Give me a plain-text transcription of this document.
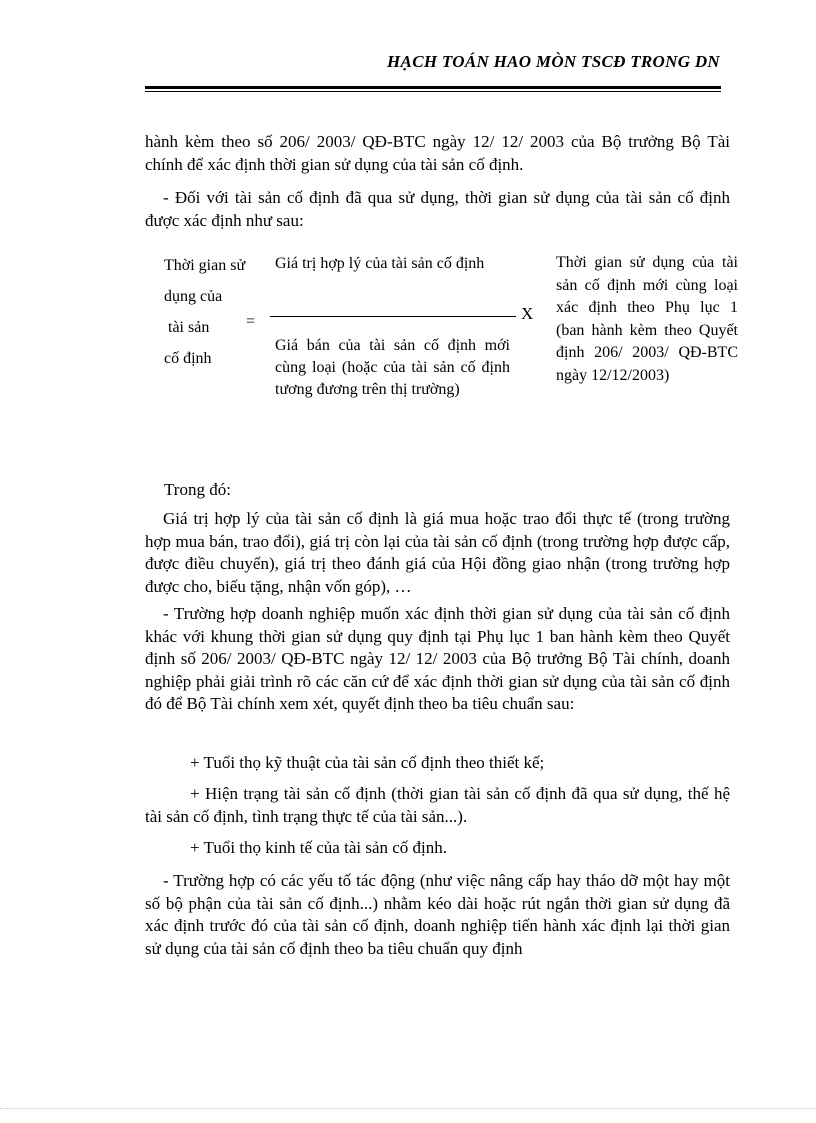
HẠCH TOÁN HAO MÒN TSCĐ TRONG DN

hành kèm theo số 206/ 2003/ QĐ-BTC ngày 12/ 12/ 2003 của Bộ trưởng Bộ Tài chính để xác định thời gian sử dụng của tài sản cố định.

- Đối với tài sản cố định đã qua sử dụng, thời gian sử dụng của tài sản cố định được xác định như sau:

Thời gian sử
dụng của
tài sản
cố định
=
Giá trị hợp lý của tài sản cố định
X
Giá bán của tài sản cố định mới cùng loại (hoặc của tài sản cố định tương đương trên thị trường)
Thời gian sử dụng của tài sản cố định mới cùng loại xác định theo Phụ lục 1 (ban hành kèm theo Quyết định 206/ 2003/ QĐ-BTC ngày 12/12/2003)

Trong đó:

Giá trị hợp lý của tài sản cố định là giá mua hoặc trao đổi thực tế (trong trường hợp mua bán, trao đổi), giá trị còn lại của tài sản cố định (trong trường hợp được cấp, được điều chuyển), giá trị theo đánh giá của Hội đồng giao nhận (trong trường hợp được cho, biếu tặng, nhận vốn góp), …

- Trường hợp doanh nghiệp muốn xác định thời gian sử dụng của tài sản cố định khác với khung thời gian sử dụng quy định tại Phụ lục 1 ban hành kèm theo Quyết định số 206/ 2003/ QĐ-BTC ngày 12/ 12/ 2003 của Bộ trưởng Bộ Tài chính, doanh nghiệp phải giải trình rõ các căn cứ để xác định thời gian sử dụng của tài sản cố định đó để Bộ Tài chính xem xét, quyết định theo ba tiêu chuẩn sau:

+ Tuổi thọ kỹ thuật của tài sản cố định theo thiết kế;

+ Hiện trạng tài sản cố định (thời gian tài sản cố định đã qua sử dụng, thế hệ tài sản cố định, tình trạng thực tế của tài sản...).

+ Tuổi thọ kinh tế của tài sản cố định.

- Trường hợp có các yếu tố tác động (như việc nâng cấp hay tháo dỡ một hay một số bộ phận của tài sản cố định...) nhằm kéo dài hoặc rút ngắn thời gian sử dụng đã xác định trước đó của tài sản cố định, doanh nghiệp tiến hành xác định lại thời gian sử dụng của tài sản cố định theo ba tiêu chuẩn quy định
